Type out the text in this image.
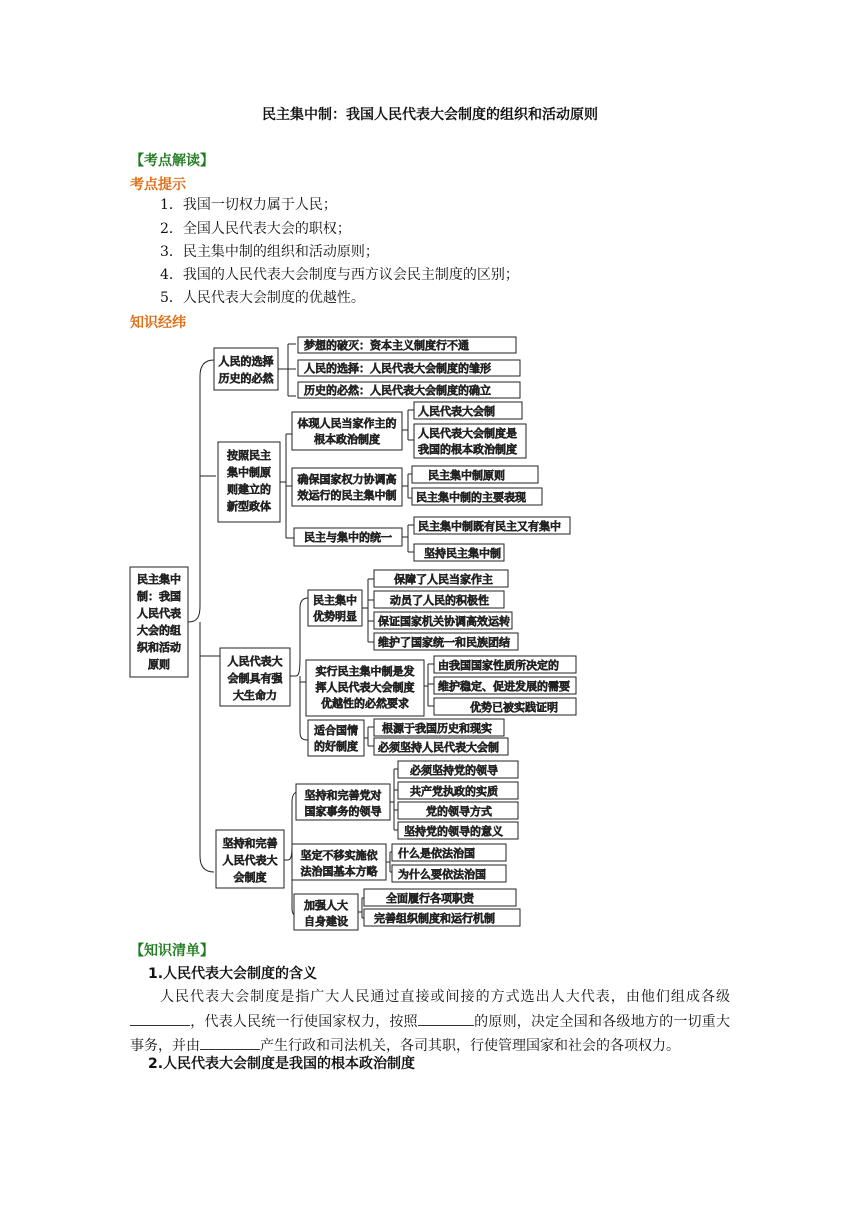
民主集中制：我国人民代表大会制度的组织和活动原则
【考点解读】
考点提示
1．我国一切权力属于人民；
2．全国人民代表大会的职权；
3．民主集中制的组织和活动原则；
4．我国的人民代表大会制度与西方议会民主制度的区别；
5．人民代表大会制度的优越性。
知识经纬
民主集中
制：我国
人民代表
大会的组
织和活动
原则
人民的选择
历史的必然
梦想的破灭：资本主义制度行不通
人民的选择：人民代表大会制度的雏形
历史的必然：人民代表大会制度的确立
按照民主
集中制原
则建立的
新型政体
体现人民当家作主的
根本政治制度
人民代表大会制
人民代表大会制度是
我国的根本政治制度
确保国家权力协调高
效运行的民主集中制
民主集中制原则
民主集中制的主要表现
民主与集中的统一
民主集中制既有民主又有集中
坚持民主集中制
人民代表大
会制具有强
大生命力
民主集中
优势明显
保障了人民当家作主
动员了人民的积极性
保证国家机关协调高效运转
维护了国家统一和民族团结
实行民主集中制是发
挥人民代表大会制度
优越性的必然要求
由我国国家性质所决定的
维护稳定、促进发展的需要
优势已被实践证明
适合国情
的好制度
根源于我国历史和现实
必须坚持人民代表大会制
坚持和完善
人民代表大
会制度
坚持和完善党对
国家事务的领导
必须坚持党的领导
共产党执政的实质
党的领导方式
坚持党的领导的意义
坚定不移实施依
法治国基本方略
什么是依法治国
为什么要依法治国
加强人大
自身建设
全面履行各项职责
完善组织制度和运行机制
【知识清单】
1.人民代表大会制度的含义
人民代表大会制度是指广大人民通过直接或间接的方式选出人大代表，由他们组成各级，代表人民统一行使国家权力，按照	的原则，决定全国和各级地方的一切重大事务，并由	产生行政和司法机关，各司其职，行使管理国家和社会的各项权力。
2.人民代表大会制度是我国的根本政治制度
